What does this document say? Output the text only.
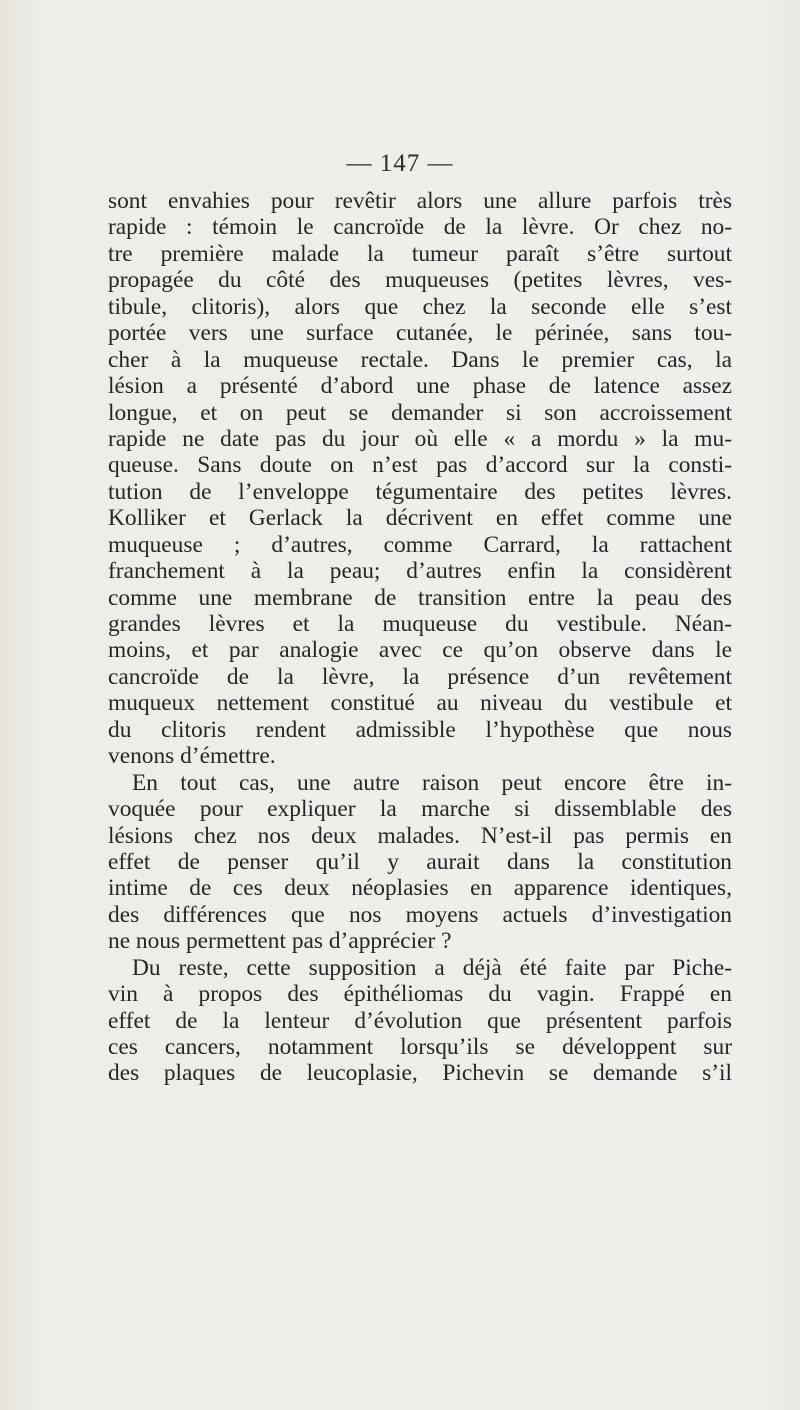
— 147 —
sont envahies pour revêtir alors une allure parfois très
rapide : témoin le cancroïde de la lèvre. Or chez no-
tre première malade la tumeur paraît s’être surtout
propagée du côté des muqueuses (petites lèvres, ves-
tibule, clitoris), alors que chez la seconde elle s’est
portée vers une surface cutanée, le périnée, sans tou-
cher à la muqueuse rectale. Dans le premier cas, la
lésion a présenté d’abord une phase de latence assez
longue, et on peut se demander si son accroissement
rapide ne date pas du jour où elle « a mordu » la mu-
queuse. Sans doute on n’est pas d’accord sur la consti-
tution de l’enveloppe tégumentaire des petites lèvres.
Kolliker et Gerlack la décrivent en effet comme une
muqueuse ; d’autres, comme Carrard, la rattachent
franchement à la peau; d’autres enfin la considèrent
comme une membrane de transition entre la peau des
grandes lèvres et la muqueuse du vestibule. Néan-
moins, et par analogie avec ce qu’on observe dans le
cancroïde de la lèvre, la présence d’un revêtement
muqueux nettement constitué au niveau du vestibule et
du clitoris rendent admissible l’hypothèse que nous
venons d’émettre.
En tout cas, une autre raison peut encore être in-
voquée pour expliquer la marche si dissemblable des
lésions chez nos deux malades. N’est-il pas permis en
effet de penser qu’il y aurait dans la constitution
intime de ces deux néoplasies en apparence identiques,
des différences que nos moyens actuels d’investigation
ne nous permettent pas d’apprécier ?
Du reste, cette supposition a déjà été faite par Piche-
vin à propos des épithéliomas du vagin. Frappé en
effet de la lenteur d’évolution que présentent parfois
ces cancers, notamment lorsqu’ils se développent sur
des plaques de leucoplasie, Pichevin se demande s’il
